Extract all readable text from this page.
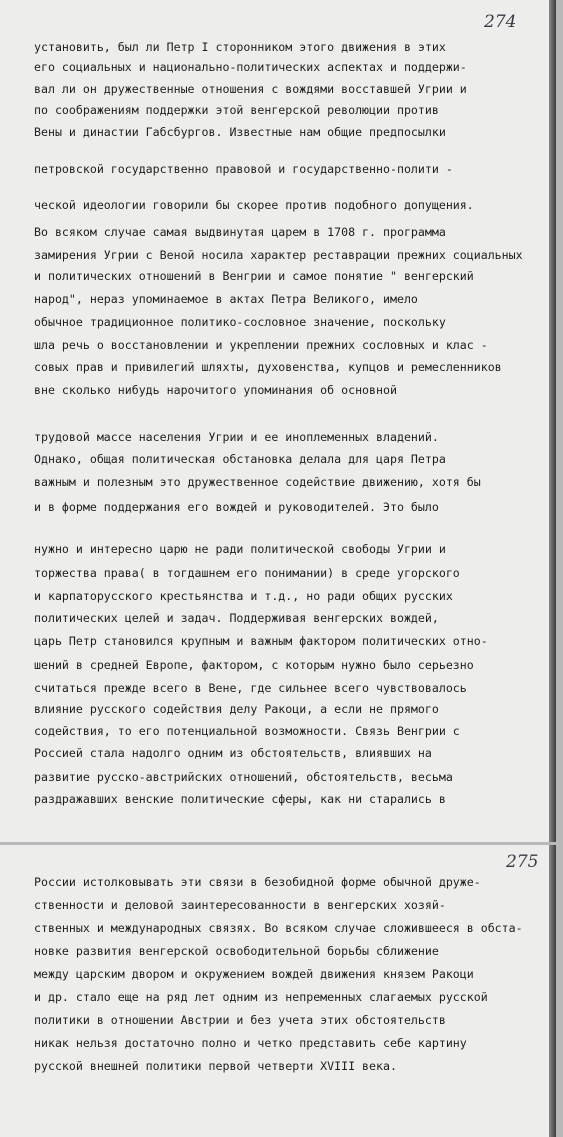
274
275

установить, был ли Петр I сторонником этого движения в этих

его социальных и национально-политических аспектах и поддержи-

вал ли он дружественные отношения с вождями восставшей Угрии и

по соображениям поддержки этой венгерской революции против

Вены и династии Габсбургов. Известные нам общие предпосылки

петровской государственно правовой и государственно-полити -

ческой идеологии говорили бы скорее против подобного допущения.

Во всяком случае самая выдвинутая царем в 1708 г. программа

замирения Угрии с Веной носила характер реставрации прежних социальных

и политических отношений в Венгрии и самое понятие " венгерский

народ", нераз упоминаемое в актах Петра Великого, имело

обычное традиционное политико-сословное значение, поскольку

шла речь о восстановлении и укреплении прежних сословных и клас -

совых прав и привилегий шляхты, духовенства, купцов и ремесленников

вне сколько нибудь нарочитого упоминания об основной

трудовой массе населения Угрии и ее иноплеменных владений.

Однако, общая политическая обстановка делала для царя Петра

важным и полезным это дружественное содействие движению, хотя бы

и в форме поддержания его вождей и руководителей. Это было

нужно и интересно царю не ради политической свободы Угрии и

торжества права( в тогдашнем его понимании) в среде угорского

и карпаторусского крестьянства и т.д., но ради общих русских

политических целей и задач. Поддерживая венгерских вождей,

царь Петр становился крупным и важным фактором политических отно-

шений в средней Европе, фактором, с которым нужно было серьезно

считаться прежде всего в Вене, где сильнее всего чувствовалось

влияние русского содействия делу Ракоци, а если не прямого

содействия, то его потенциальной возможности. Связь Венгрии с

Россией стала надолго одним из обстоятельств, влиявших на

развитие русско-австрийских отношений, обстоятельств, весьма

раздражавших венские политические сферы, как ни старались в

России истолковывать эти связи в безобидной форме обычной друже-

ственности и деловой заинтересованности в венгерских хозяй-

ственных и международных связях. Во всяком случае сложившееся в обста-

новке развития венгерской освободительной борьбы сближение

между царским двором и окружением вождей движения князем Ракоци

и др. стало еще на ряд лет одним из непременных слагаемых русской

политики в отношении Австрии и без учета этих обстоятельств

никак нельзя достаточно полно и четко представить себе картину

русской внешней политики первой четверти XVIII века.
